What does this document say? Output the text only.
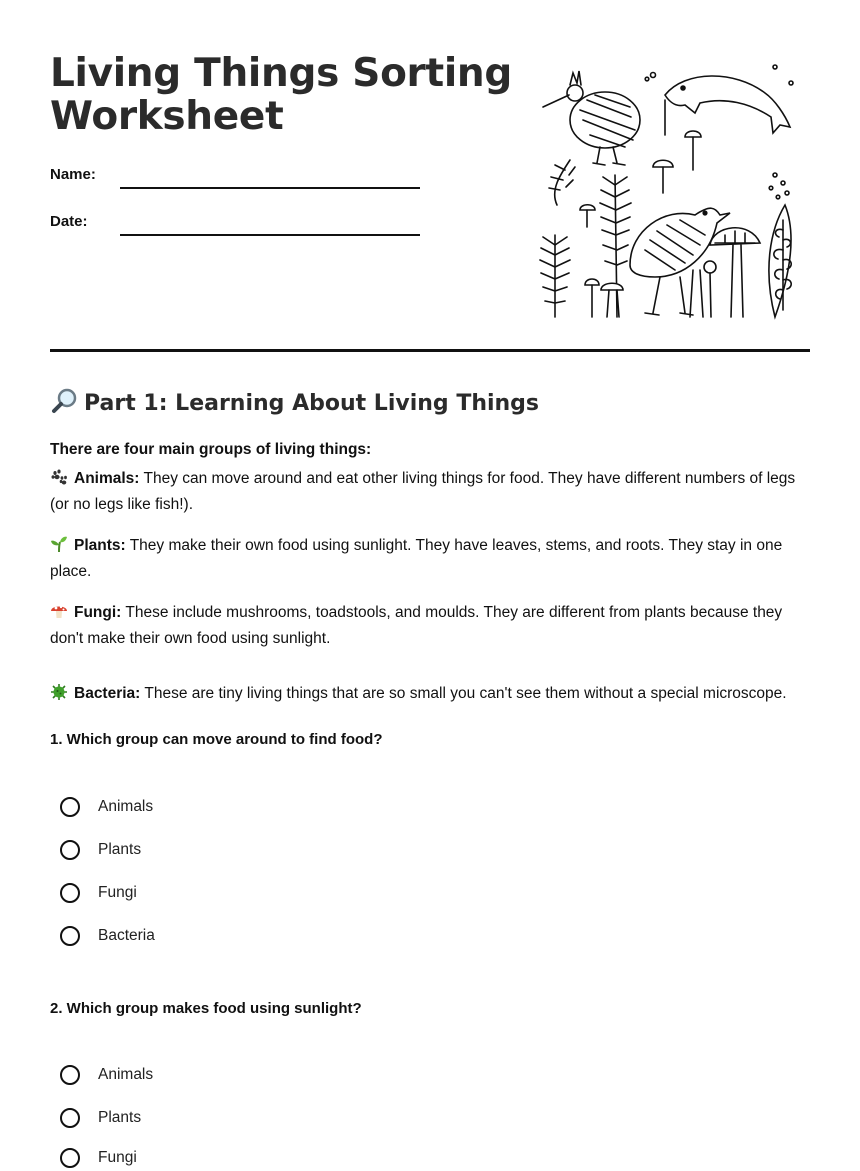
Living Things Sorting
Worksheet
Name:
Date:
Part 1: Learning About Living Things
There are four main groups of living things:

Animals: They can move around and eat other living things for food. They have different numbers of legs (or no legs like fish!).

Plants: They make their own food using sunlight. They have leaves, stems, and roots. They stay in one place.

Fungi: These include mushrooms, toadstools, and moulds. They are different from plants because they don't make their own food using sunlight.

Bacteria: These are tiny living things that are so small you can't see them without a special microscope.

1. Which group can move around to find food?
Animals
Plants
Fungi
Bacteria
2. Which group makes food using sunlight?
Animals
Plants
Fungi
